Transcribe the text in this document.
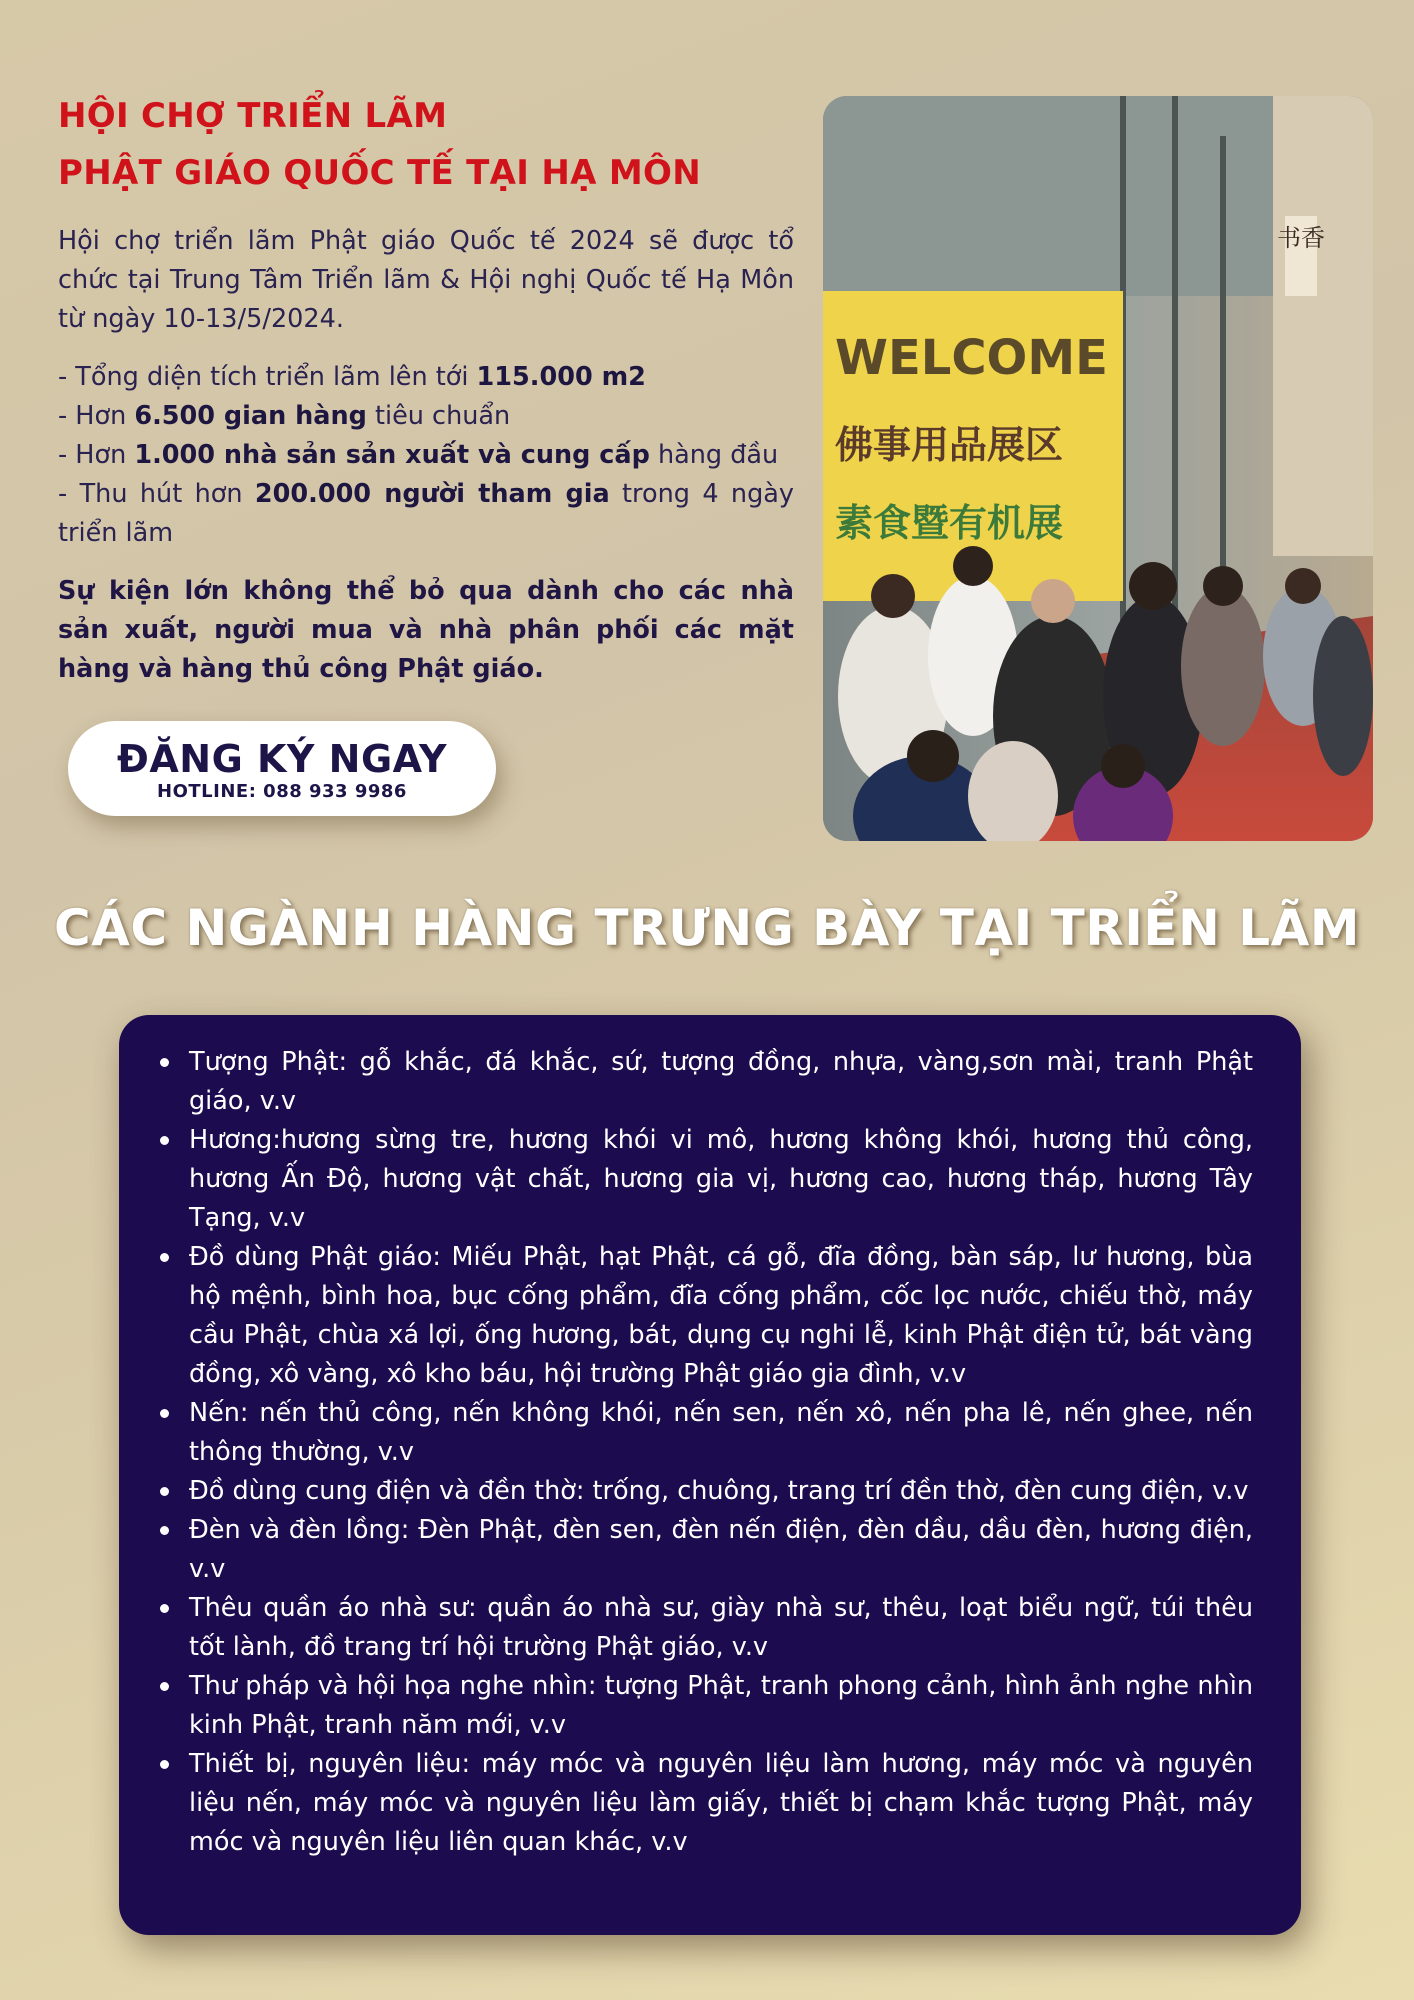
HỘI CHỢ TRIỂN LÃM
PHẬT GIÁO QUỐC TẾ TẠI HẠ MÔN

Hội chợ triển lãm Phật giáo Quốc tế 2024 sẽ được tổ chức tại Trung Tâm Triển lãm & Hội nghị Quốc tế Hạ Môn từ ngày 10-13/5/2024.

- Tổng diện tích triển lãm lên tới 115.000 m2
- Hơn 6.500 gian hàng tiêu chuẩn
- Hơn 1.000 nhà sản sản xuất và cung cấp hàng đầu
- Thu hút hơn 200.000 người tham gia trong 4 ngày triển lãm

Sự kiện lớn không thể bỏ qua dành cho các nhà sản xuất, người mua và nhà phân phối các mặt hàng và hàng thủ công Phật giáo.

ĐĂNG KÝ NGAY
HOTLINE: 088 933 9986
书香
WELCOME
佛事用品展区
素食暨有机展
CÁC NGÀNH HÀNG TRƯNG BÀY TẠI TRIỂN LÃM
Tượng Phật: gỗ khắc, đá khắc, sứ, tượng đồng, nhựa, vàng,sơn mài, tranh Phật giáo, v.v
Hương:hương sừng tre, hương khói vi mô, hương không khói, hương thủ công, hương Ấn Độ, hương vật chất, hương gia vị, hương cao, hương tháp, hương Tây Tạng, v.v
Đồ dùng Phật giáo: Miếu Phật, hạt Phật, cá gỗ, đĩa đồng, bàn sáp, lư hương, bùa hộ mệnh, bình hoa, bục cống phẩm, đĩa cống phẩm, cốc lọc nước, chiếu thờ, máy cầu Phật, chùa xá lợi, ống hương, bát, dụng cụ nghi lễ, kinh Phật điện tử, bát vàng đồng, xô vàng, xô kho báu, hội trường Phật giáo gia đình, v.v
Nến: nến thủ công, nến không khói, nến sen, nến xô, nến pha lê, nến ghee, nến thông thường, v.v
Đồ dùng cung điện và đền thờ: trống, chuông, trang trí đền thờ, đèn cung điện, v.v
Đèn và đèn lồng: Đèn Phật, đèn sen, đèn nến điện, đèn dầu, dầu đèn, hương điện, v.v
Thêu quần áo nhà sư: quần áo nhà sư, giày nhà sư, thêu, loạt biểu ngữ, túi thêu tốt lành, đồ trang trí hội trường Phật giáo, v.v
Thư pháp và hội họa nghe nhìn: tượng Phật, tranh phong cảnh, hình ảnh nghe nhìn kinh Phật, tranh năm mới, v.v
Thiết bị, nguyên liệu: máy móc và nguyên liệu làm hương, máy móc và nguyên liệu nến, máy móc và nguyên liệu làm giấy, thiết bị chạm khắc tượng Phật, máy móc và nguyên liệu liên quan khác, v.v
